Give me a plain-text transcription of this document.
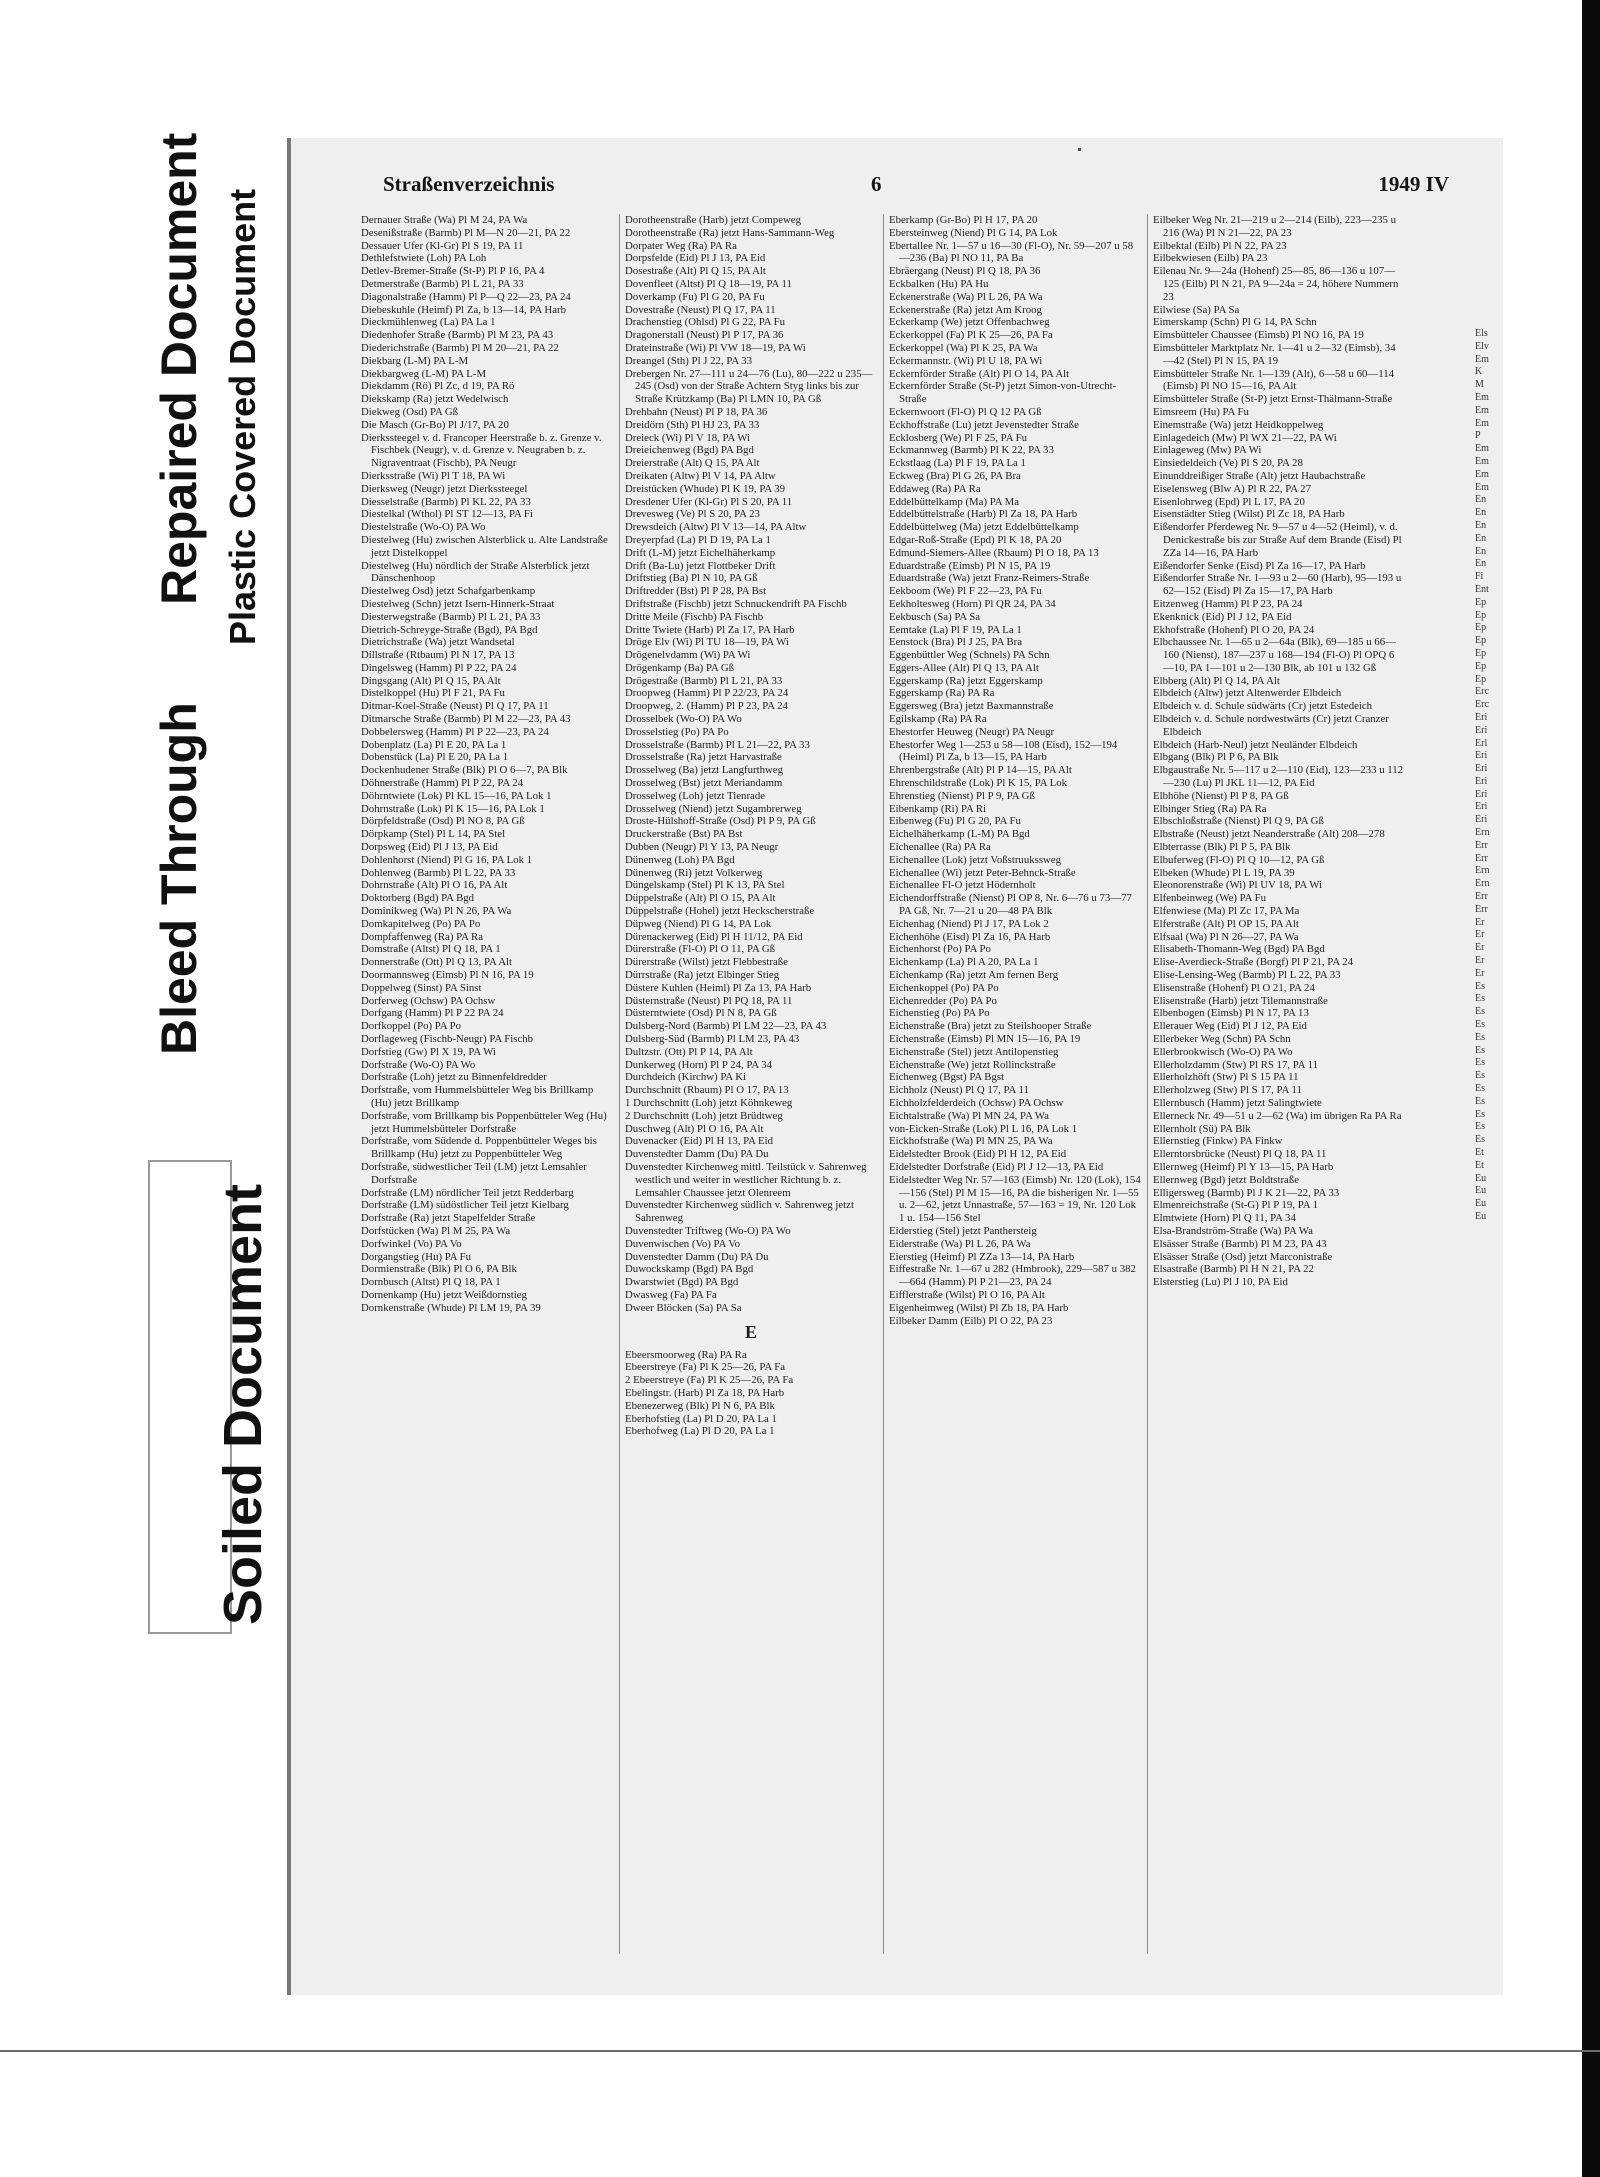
Bleed Through
Repaired Document Plastic Covered Document
Soiled Document
Straßenverzeichnis	6	1949 IV
Dernauer Straße (Wa) Pl M 24, PA Wa
Desenißstraße (Barmb) Pl M—N 20—21, PA 22
Dessauer Ufer (Kl-Gr) Pl S 19, PA 11
Dethlefstwiete (Loh) PA Loh
Detlev-Bremer-Straße (St-P) Pl P 16, PA 4
Detmerstraße (Barmb) Pl L 21, PA 33
Diagonalstraße (Hamm) Pl P—Q 22—23, PA 24
Diebeskuhle (Heimf) Pl Za, b 13—14, PA Harb
Dieckmühlenweg (La) PA La 1
Diedenhofer Straße (Barmb) Pl M 23, PA 43
Diederichstraße (Barmb) Pl M 20—21, PA 22
Diekbarg (L-M) PA L-M
Diekbargweg (L-M) PA L-M
Diekdamm (Rö) Pl Zc, d 19, PA Rö
Diekskamp (Ra) jetzt Wedelwisch
Diekweg (Osd) PA Gß
Die Masch (Gr-Bo) Pl J/17, PA 20
Dierkssteegel v. d. Francoper Heerstraße b. z. Grenze v. Fischbek (Neugr), v. d. Grenze v. Neugraben b. z. Nigraventraat (Fischb), PA Neugr
Dierksstraße (Wi) Pl T 18, PA Wi
Dierksweg (Neugr) jetzt Dierkssteegel
Diesselstraße (Barmb) Pl KL 22, PA 33
Diestelkal (Wthol) Pl ST 12—13, PA Fi
Diestelstraße (Wo-O) PA Wo
Diestelweg (Hu) zwischen Alsterblick u. Alte Landstraße jetzt Distelkoppel
Diestelweg (Hu) nördlich der Straße Alsterblick jetzt Dänschenhoop
Diestelweg Osd) jetzt Schafgarbenkamp
Diestelweg (Schn) jetzt Isern-Hinnerk-Straat
Diesterwegstraße (Barmb) Pl L 21, PA 33
Dietrich-Schreyge-Straße (Bgd), PA Bgd
Dietrichstraße (Wa) jetzt Wandsetal
Dillstraße (Rtbaum) Pl N 17, PA 13
Dingelsweg (Hamm) Pl P 22, PA 24
Dingsgang (Alt) Pl Q 15, PA Alt
Distelkoppel (Hu) Pl F 21, PA Fu
Ditmar-Koel-Straße (Neust) Pl Q 17, PA 11
Ditmarsche Straße (Barmb) Pl M 22—23, PA 43
Dobbelersweg (Hamm) Pl P 22—23, PA 24
Dobenplatz (La) Pl E 20, PA La 1
Dobenstück (La) Pl E 20, PA La 1
Dockenhudener Straße (Blk) Pl O 6—7, PA Blk
Döhnerstraße (Hamm) Pl P 22, PA 24
Döhrntwiete (Lok) Pl KL 15—16, PA Lok 1
Dohrnstraße (Lok) Pl K 15—16, PA Lok 1
Dörpfeldstraße (Osd) Pl NO 8, PA Gß
Dörpkamp (Stel) Pl L 14, PA Stel
Dorpsweg (Eid) Pl J 13, PA Eid
Dohlenhorst (Niend) Pl G 16, PA Lok 1
Dohlenweg (Barmb) Pl L 22, PA 33
Dohrnstraße (Alt) Pl O 16, PA Alt
Doktorberg (Bgd) PA Bgd
Dominikweg (Wa) Pl N 26, PA Wa
Domkapitelweg (Po) PA Po
Dompfaffenweg (Ra) PA Ra
Domstraße (Altst) Pl Q 18, PA 1
Donnerstraße (Ott) Pl Q 13, PA Alt
Doormannsweg (Eimsb) Pl N 16, PA 19
Doppelweg (Sinst) PA Sinst
Dorferweg (Ochsw) PA Ochsw
Dorfgang (Hamm) Pl P 22 PA 24
Dorfkoppel (Po) PA Po
Dorflageweg (Fischb-Neugr) PA Fischb
Dorfstieg (Gw) Pl X 19, PA Wi
Dorfstraße (Wo-O) PA Wo
Dorfstraße (Loh) jetzt zu Binnenfeldredder
Dorfstraße, vom Hummelsbütteler Weg bis Brillkamp (Hu) jetzt Brillkamp
Dorfstraße, vom Brillkamp bis Poppenbütteler Weg (Hu) jetzt Hummelsbütteler Dorfstraße
Dorfstraße, vom Südende d. Poppenbütteler Weges bis Brillkamp (Hu) jetzt zu Poppenbütteler Weg
Dorfstraße, südwestlicher Teil (LM) jetzt Lemsahler Dorfstraße
Dorfstraße (LM) nördlicher Teil jetzt Redderbarg
Dorfstraße (LM) südöstlicher Teil jetzt Kielbarg
Dorfstraße (Ra) jetzt Stapelfelder Straße
Dorfstücken (Wa) Pl M 25, PA Wa
Dorfwinkel (Vo) PA Vo
Dorgangstieg (Hu) PA Fu
Dormienstraße (Blk) Pl O 6, PA Blk
Dornbusch (Altst) Pl Q 18, PA 1
Dornenkamp (Hu) jetzt Weißdornstieg
Dornkenstraße (Whude) Pl LM 19, PA 39
Dorotheenstraße (Harb) jetzt Compeweg
Dorotheenstraße (Ra) jetzt Hans-Sammann-Weg
Dorpater Weg (Ra) PA Ra
Dorpsfelde (Eid) Pl J 13, PA Eid
Dosestraße (Alt) Pl Q 15, PA Alt
Dovenfleet (Altst) Pl Q 18—19, PA 11
Doverkamp (Fu) Pl G 20, PA Fu
Dovestraße (Neust) Pl Q 17, PA 11
Drachenstieg (Ohlsd) Pl G 22, PA Fu
Dragonerstall (Neust) Pl P 17, PA 36
Drateinstraße (Wi) Pl VW 18—19, PA Wi
Dreangel (Sth) Pl J 22, PA 33
Drebergen Nr. 27—111 u 24—76 (Lu), 80—222 u 235—245 (Osd) von der Straße Achtern Styg links bis zur Straße Krützkamp (Ba) Pl LMN 10, PA Gß
Drehbahn (Neust) Pl P 18, PA 36
Dreidörn (Sth) Pl HJ 23, PA 33
Dreieck (Wi) Pl V 18, PA Wi
Dreieichenweg (Bgd) PA Bgd
Dreierstraße (Alt) Q 15, PA Alt
Dreikaten (Altw) Pl V 14, PA Altw
Dreistücken (Whude) Pl K 19, PA 39
Dresdener Ufer (Kl-Gr) Pl S 20, PA 11
Drevesweg (Ve) Pl S 20, PA 23
Drewsdeich (Altw) Pl V 13—14, PA Altw
Dreyerpfad (La) Pl D 19, PA La 1
Drift (L-M) jetzt Eichelhäherkamp
Drift (Ba-Lu) jetzt Flottbeker Drift
Driftstieg (Ba) Pl N 10, PA Gß
Driftredder (Bst) Pl P 28, PA Bst
Driftstraße (Fischb) jetzt Schnuckendrift PA Fischb
Dritte Meile (Fischb) PA Fischb
Dritte Twiete (Harb) Pl Za 17, PA Harb
Dröge Elv (Wi) Pl TU 18—19, PA Wi
Drögenelvdamm (Wi) PA Wi
Drögenkamp (Ba) PA Gß
Drögestraße (Barmb) Pl L 21, PA 33
Droopweg (Hamm) Pl P 22/23, PA 24
Droopweg, 2. (Hamm) Pl P 23, PA 24
Drosselbek (Wo-O) PA Wo
Drosselstieg (Po) PA Po
Drosselstraße (Barmb) Pl L 21—22, PA 33
Drosselstraße (Ra) jetzt Harvastraße
Drosselweg (Ba) jetzt Langfurthweg
Drosselweg (Bst) jetzt Meriandamm
Drosselweg (Loh) jetzt Tienrade
Drosselweg (Niend) jetzt Sugambrerweg
Droste-Hülshoff-Straße (Osd) Pl P 9, PA Gß
Druckerstraße (Bst) PA Bst
Dubben (Neugr) Pl Y 13, PA Neugr
Dünenweg (Loh) PA Bgd
Dünenweg (Ri) jetzt Volkerweg
Düngelskamp (Stel) Pl K 13, PA Stel
Düppelstraße (Alt) Pl O 15, PA Alt
Düppelstraße (Hohel) jetzt Heckscherstraße
Düpweg (Niend) Pl G 14, PA Lok
Dürenackerweg (Eid) Pl H 11/12, PA Eid
Dürerstraße (Fl-O) Pl O 11, PA Gß
Dürerstraße (Wilst) jetzt Flebbestraße
Dürrstraße (Ra) jetzt Elbinger Stieg
Düstere Kuhlen (Heiml) Pl Za 13, PA Harb
Düsternstraße (Neust) Pl PQ 18, PA 11
Düsterntwiete (Osd) Pl N 8, PA Gß
Dulsberg-Nord (Barmb) Pl LM 22—23, PA 43
Dulsberg-Süd (Barmb) Pl LM 23, PA 43
Dultzstr. (Ott) Pl P 14, PA Alt
Dunkerweg (Horn) Pl P 24, PA 34
Durchdeich (Kirchw) PA Ki
Durchschnitt (Rbaum) Pl O 17, PA 13
1 Durchschnitt (Loh) jetzt Köhnkeweg
2 Durchschnitt (Loh) jetzt Brüdtweg
Duschweg (Alt) Pl O 16, PA Alt
Duvenacker (Eid) Pl H 13, PA Eid
Duvenstedter Damm (Du) PA Du
Duvenstedter Kirchenweg mittl. Teilstück v. Sahrenweg westlich und weiter in westlicher Richtung b. z. Lemsahler Chaussee jetzt Olenreem
Duvenstedter Kirchenweg südlich v. Sahrenweg jetzt Sahrenweg
Duvenstedter Triftweg (Wo-O) PA Wo
Duvenwischen (Vo) PA Vo
Duvenstedter Damm (Du) PA Du
Duwockskamp (Bgd) PA Bgd
Dwarstwiet (Bgd) PA Bgd
Dwasweg (Fa) PA Fa
Dweer Blöcken (Sa) PA Sa
E
Ebeersmoorweg (Ra) PA Ra
Ebeerstreye (Fa) Pl K 25—26, PA Fa
2 Ebeerstreye (Fa) Pl K 25—26, PA Fa
Ebelingstr. (Harb) Pl Za 18, PA Harb
Ebenezerweg (Blk) Pl N 6, PA Blk
Eberhofstieg (La) Pl D 20, PA La 1
Eberhofweg (La) Pl D 20, PA La 1
Eberkamp (Gr-Bo) Pl H 17, PA 20
Ebersteinweg (Niend) Pl G 14, PA Lok
Ebertallee Nr. 1—57 u 16—30 (Fl-O), Nr. 59—207 u 58—236 (Ba) Pl NO 11, PA Ba
Ebräergang (Neust) Pl Q 18, PA 36
Eckbalken (Hu) PA Hu
Eckenerstraße (Wa) Pl L 26, PA Wa
Eckenerstraße (Ra) jetzt Am Kroog
Eckerkamp (We) jetzt Offenbachweg
Eckerkoppel (Fa) Pl K 25—26, PA Fa
Eckerkoppel (Wa) Pl K 25, PA Wa
Eckermannstr. (Wi) Pl U 18, PA Wi
Eckernförder Straße (Alt) Pl O 14, PA Alt
Eckernförder Straße (St-P) jetzt Simon-von-Utrecht-Straße
Eckernwoort (Fl-O) Pl Q 12 PA Gß
Eckhoffstraße (Lu) jetzt Jevenstedter Straße
Ecklosberg (We) Pl F 25, PA Fu
Eckmannweg (Barmb) Pl K 22, PA 33
Eckstlaag (La) Pl F 19, PA La 1
Eckweg (Bra) Pl G 26, PA Bra
Eddaweg (Ra) PA Ra
Eddelbüttelkamp (Ma) PA Ma
Eddelbüttelstraße (Harb) Pl Za 18, PA Harb
Eddelbüttelweg (Ma) jetzt Eddelbüttelkamp
Edgar-Roß-Straße (Epd) Pl K 18, PA 20
Edmund-Siemers-Allee (Rbaum) Pl O 18, PA 13
Eduardstraße (Eimsb) Pl N 15, PA 19
Eduardstraße (Wa) jetzt Franz-Reimers-Straße
Eekboom (We) Pl F 22—23, PA Fu
Eekholtesweg (Horn) Pl QR 24, PA 34
Eekbusch (Sa) PA Sa
Eemtake (La) Pl F 19, PA La 1
Eenstock (Bra) Pl J 25, PA Bra
Eggenbüttler Weg (Schnels) PA Schn
Eggers-Allee (Alt) Pl Q 13, PA Alt
Eggerskamp (Ra) jetzt Eggerskamp
Eggerskamp (Ra) PA Ra
Eggersweg (Bra) jetzt Baxmannstraße
Egilskamp (Ra) PA Ra
Ehestorfer Heuweg (Neugr) PA Neugr
Ehestorfer Weg 1—253 u 58—108 (Eisd), 152—194 (Heiml) Pl Za, b 13—15, PA Harb
Ehrenbergstraße (Alt) Pl P 14—15, PA Alt
Ehrenschildstraße (Lok) Pl K 15, PA Lok
Ehrenstieg (Nienst) Pl P 9, PA Gß
Eibenkamp (Ri) PA Ri
Eibenweg (Fu) Pl G 20, PA Fu
Eichelhäherkamp (L-M) PA Bgd
Eichenallee (Ra) PA Ra
Eichenallee (Lok) jetzt Voßstruukssweg
Eichenallee (Wi) jetzt Peter-Behnck-Straße
Eichenallee Fl-O jetzt Hödernholt
Eichendorffstraße (Nienst) Pl OP 8, Nr. 6—76 u 73—77 PA Gß, Nr. 7—21 u 20—48 PA Blk
Eichenhag (Niend) Pl J 17, PA Lok 2
Eichenhöhe (Eisd) Pl Za 16, PA Harb
Eichenhorst (Po) PA Po
Eichenkamp (La) Pl A 20, PA La 1
Eichenkamp (Ra) jetzt Am fernen Berg
Eichenkoppel (Po) PA Po
Eichenredder (Po) PA Po
Eichenstieg (Po) PA Po
Eichenstraße (Bra) jetzt zu Steilshooper Straße
Eichenstraße (Eimsb) Pl MN 15—16, PA 19
Eichenstraße (Stel) jetzt Antilopenstieg
Eichenstraße (We) jetzt Rollinckstraße
Eichenweg (Bgst) PA Bgst
Eichholz (Neust) Pl Q 17, PA 11
Eichholzfelderdeich (Ochsw) PA Ochsw
Eichtalstraße (Wa) Pl MN 24, PA Wa
von-Eicken-Straße (Lok) Pl L 16, PA Lok 1
Eickhofstraße (Wa) Pl MN 25, PA Wa
Eidelstedter Brook (Eid) Pl H 12, PA Eid
Eidelstedter Dorfstraße (Eid) Pl J 12—13, PA Eid
Eidelstedter Weg Nr. 57—163 (Eimsb) Nr. 120 (Lok), 154—156 (Stel) Pl M 15—16, PA die bisherigen Nr. 1—55 u. 2—62, jetzt Unnastraße, 57—163 = 19, Nr. 120 Lok 1 u. 154—156 Stel
Eiderstieg (Stel) jetzt Panthersteig
Eiderstraße (Wa) Pl L 26, PA Wa
Eierstieg (Heimf) Pl ZZa 13—14, PA Harb
Eiffestraße Nr. 1—67 u 282 (Hmbrook), 229—587 u 382—664 (Hamm) Pl P 21—23, PA 24
Eifflerstraße (Wilst) Pl O 16, PA Alt
Eigenheimweg (Wilst) Pl Zb 18, PA Harb
Eilbeker Damm (Eilb) Pl O 22, PA 23
Eilbeker Weg Nr. 21—219 u 2—214 (Eilb), 223—235 u 216 (Wa) Pl N 21—22, PA 23
Eilbektal (Eilb) Pl N 22, PA 23
Eilbekwiesen (Eilb) PA 23
Eilenau Nr. 9—24a (Hohenf) 25—85, 86—136 u 107—125 (Eilb) Pl N 21, PA 9—24a = 24, höhere Nummern 23
Eilwiese (Sa) PA Sa
Eimerskamp (Schn) Pl G 14, PA Schn
Eimsbütteler Chaussee (Eimsb) Pl NO 16, PA 19
Eimsbütteler Marktplatz Nr. 1—41 u 2—32 (Eimsb), 34—42 (Stel) Pl N 15, PA 19
Eimsbütteler Straße Nr. 1—139 (Alt), 6—58 u 60—114 (Eimsb) Pl NO 15—16, PA Alt
Eimsbütteler Straße (St-P) jetzt Ernst-Thälmann-Straße
Eimsreem (Hu) PA Fu
Einemstraße (Wa) jetzt Heidkoppelweg
Einlagedeich (Mw) Pl WX 21—22, PA Wi
Einlageweg (Mw) PA Wi
Einsiedeldeich (Ve) Pl S 20, PA 28
Einunddreißiger Straße (Alt) jetzt Haubachstraße
Eiselensweg (Blw A) Pl R 22, PA 27
Eisenlohrweg (Epd) Pl L 17, PA 20
Eisenstädter Stieg (Wilst) Pl Zc 18, PA Harb
Eißendorfer Pferdeweg Nr. 9—57 u 4—52 (Heiml), v. d. Denickestraße bis zur Straße Auf dem Brande (Eisd) Pl ZZa 14—16, PA Harb
Eißendorfer Senke (Eisd) Pl Za 16—17, PA Harb
Eißendorfer Straße Nr. 1—93 u 2—60 (Harb), 95—193 u 62—152 (Eisd) Pl Za 15—17, PA Harb
Eitzenweg (Hamm) Pl P 23, PA 24
Ekenknick (Eid) Pl J 12, PA Eid
Ekhofstraße (Hohenf) Pl O 20, PA 24
Elbchaussee Nr. 1—65 u 2—64a (Blk), 69—185 u 66—160 (Nienst), 187—237 u 168—194 (Fl-O) Pl OPQ 6—10, PA 1—101 u 2—130 Blk, ab 101 u 132 Gß
Elbberg (Alt) Pl Q 14, PA Alt
Elbdeich (Altw) jetzt Altenwerder Elbdeich
Elbdeich v. d. Schule südwärts (Cr) jetzt Estedeich
Elbdeich v. d. Schule nordwestwärts (Cr) jetzt Cranzer Elbdeich
Elbdeich (Harb-Neul) jetzt Neuländer Elbdeich
Elbgang (Blk) Pl P 6, PA Blk
Elbgaustraße Nr. 5—117 u 2—110 (Eid), 123—233 u 112—230 (Lu) Pl JKL 11—12, PA Eid
Elbhöhe (Nienst) Pl P 8, PA Gß
Elbinger Stieg (Ra) PA Ra
Elbschloßstraße (Nienst) Pl Q 9, PA Gß
Elbstraße (Neust) jetzt Neanderstraße (Alt) 208—278
Elbterrasse (Blk) Pl P 5, PA Blk
Elbuferweg (Fl-O) Pl Q 10—12, PA Gß
Elbeken (Whude) Pl L 19, PA 39
Eleonorenstraße (Wi) Pl UV 18, PA Wi
Elfenbeinweg (We) PA Fu
Elfenwiese (Ma) Pl Zc 17, PA Ma
Elferstraße (Alt) Pl OP 15, PA Alt
Elfsaal (Wa) Pl N 26—27, PA Wa
Elisabeth-Thomann-Weg (Bgd) PA Bgd
Elise-Averdieck-Straße (Borgf) Pl P 21, PA 24
Elise-Lensing-Weg (Barmb) Pl L 22, PA 33
Elisenstraße (Hohenf) Pl O 21, PA 24
Elisenstraße (Harb) jetzt Tilemannstraße
Elbenbogen (Eimsb) Pl N 17, PA 13
Ellerauer Weg (Eid) Pl J 12, PA Eid
Ellerbeker Weg (Schn) PA Schn
Ellerbrookwisch (Wo-O) PA Wo
Ellerholzdamm (Stw) Pl RS 17, PA 11
Ellerholzhöft (Stw) Pl S 15 PA 11
Ellerholzweg (Stw) Pl S 17, PA 11
Ellernbusch (Hamm) jetzt Salingtwiete
Ellerneck Nr. 49—51 u 2—62 (Wa) im übrigen Ra PA Ra
Ellernholt (Sü) PA Blk
Ellernstieg (Finkw) PA Finkw
Ellerntorsbrücke (Neust) Pl Q 18, PA 11
Ellernweg (Heimf) Pl Y 13—15, PA Harb
Ellernweg (Bgd) jetzt Boldtstraße
Elligersweg (Barmb) Pl J K 21—22, PA 33
Elmenreichstraße (St-G) Pl P 19, PA 1
Elmtwiete (Horn) Pl Q 11, PA 34
Elsa-Brandström-Straße (Wa) PA Wa
Elsässer Straße (Barmb) Pl M 23, PA 43
Elsässer Straße (Osd) jetzt Marconistraße
Elsastraße (Barmb) Pl H N 21, PA 22
Elsterstieg (Lu) Pl J 10, PA Eid
Els
Elv
Em
K
M
Em
Em
Em
P
Em
Em
Em
Em
En
En
En
En
En
En
Fi
Ent
Ep
Ep
Ep
Ep
Ep
Ep
Ep
Erc
Erc
Eri
Eri
Erl
Eri
Eri
Eri
Eri
Eri
Eri
Ern
Err
Err
Ern
Ern
Err
Err
Er
Er
Er
Er
Er
Es
Es
Es
Es
Es
Es
Es
Es
Es
Es
Es
Es
Es
Et
Et
Eu
Eu
Eu
Eu
